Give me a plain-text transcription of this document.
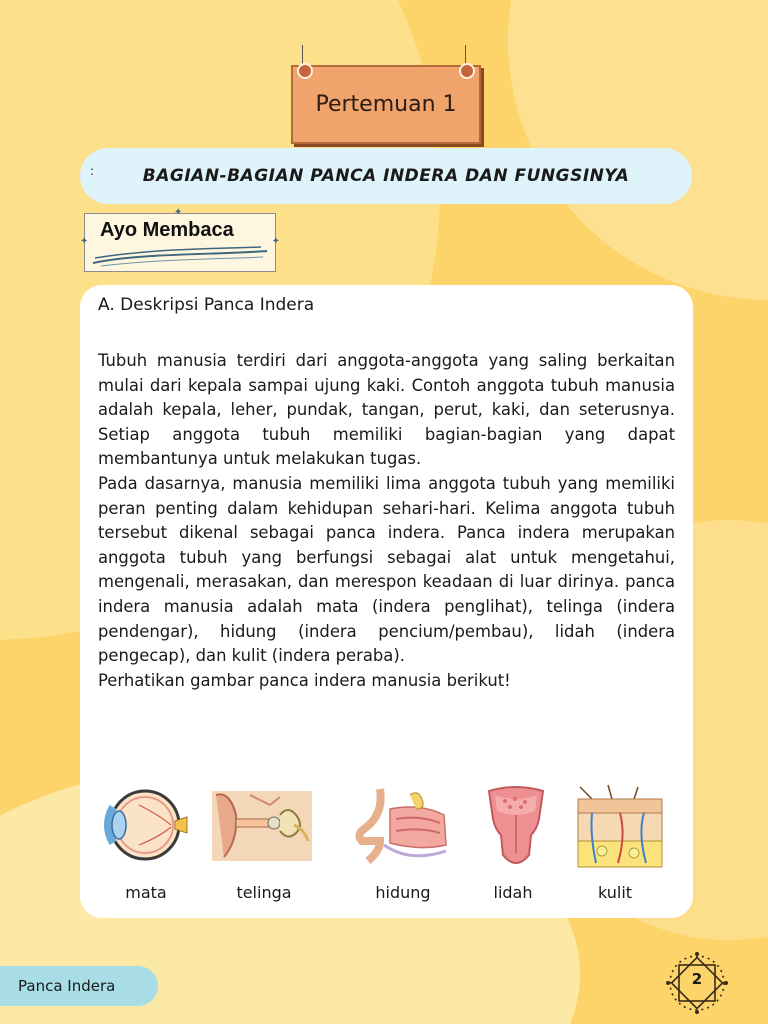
Pertemuan 1
:	BAGIAN-BAGIAN PANCA INDERA DAN FUNGSINYA
Ayo Membaca
✦	✦
✦
A. Deskripsi Panca Indera

Tubuh manusia terdiri dari anggota-anggota yang saling berkaitan mulai dari kepala sampai ujung kaki. Contoh anggota tubuh manusia adalah kepala, leher, pundak, tangan, perut, kaki, dan seterusnya. Setiap anggota tubuh memiliki bagian-bagian yang dapat membantunya untuk melakukan tugas.

Pada dasarnya, manusia memiliki lima anggota tubuh yang memiliki peran penting dalam kehidupan sehari-hari. Kelima anggota tubuh tersebut dikenal sebagai panca indera. Panca indera merupakan anggota tubuh yang berfungsi sebagai alat untuk mengetahui, mengenali, merasakan, dan merespon keadaan di luar dirinya. panca indera manusia adalah mata (indera penglihat), telinga (indera pendengar), hidung (indera pencium/pembau), lidah (indera pengecap), dan kulit (indera peraba).

Perhatikan gambar panca indera manusia berikut!

mata	telinga	hidung	lidah	kulit
Panca Indera	2
